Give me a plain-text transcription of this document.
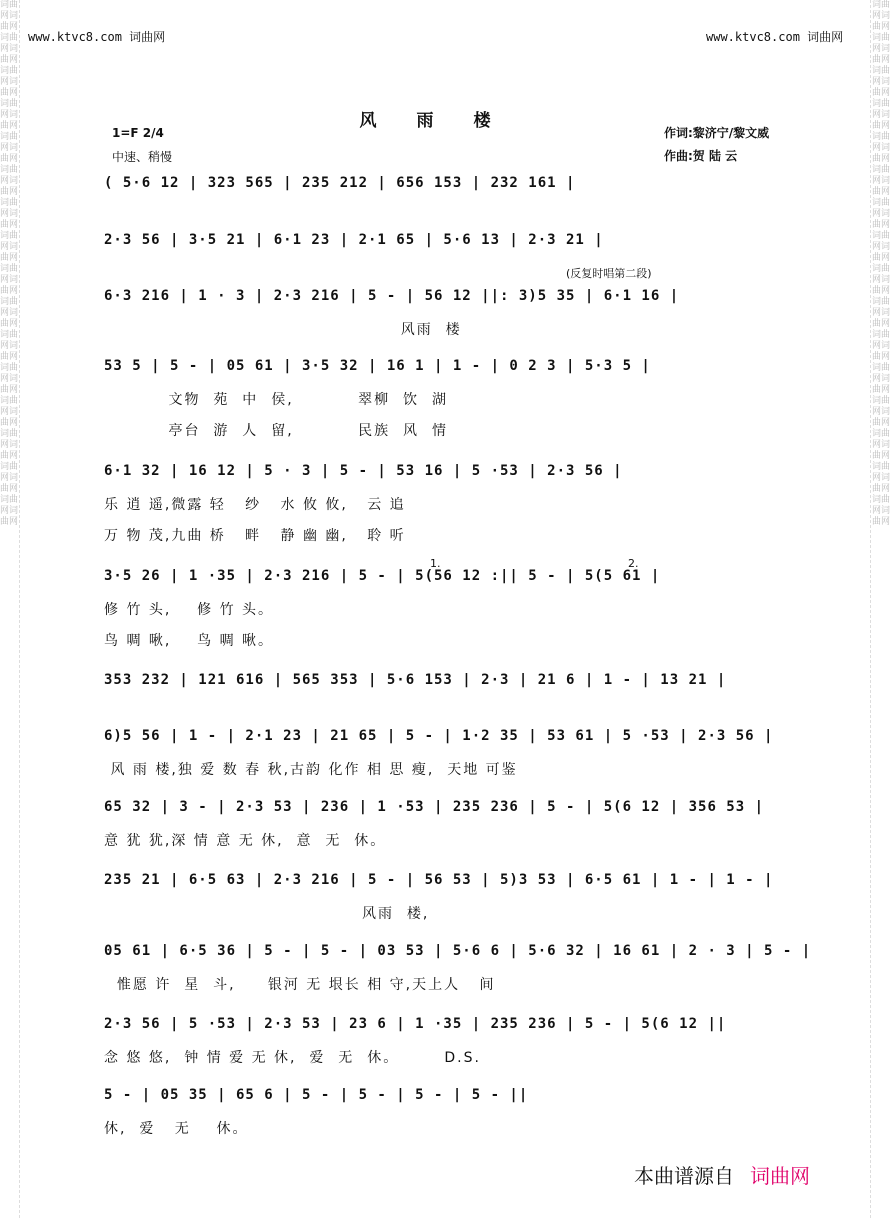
词曲网词曲网词曲网词曲网词曲网词曲网词曲网词曲网词曲网词曲网词曲网词曲网词曲网词曲网词曲网词曲网词曲网词曲网词曲网词曲网词曲网词曲网词曲网词曲网词曲网词曲网词曲网词曲网词曲网词曲网词曲网词曲网
词曲网词曲网词曲网词曲网词曲网词曲网词曲网词曲网词曲网词曲网词曲网词曲网词曲网词曲网词曲网词曲网词曲网词曲网词曲网词曲网词曲网词曲网词曲网词曲网词曲网词曲网词曲网词曲网词曲网词曲网词曲网词曲网
www.ktvc8.com 词曲网	www.ktvc8.com 词曲网
风雨楼
1=F 2/4
中速、稍慢
作词:黎济宁/黎文威
作曲:贺 陆 云
(反复时唱第二段)
1.	2.
( 5·6 12 | 323 565 | 235 212 | 656 153 | 232 161 |
2·3 56 | 3·5 21 | 6·1 23 | 2·1 65 | 5·6 13 | 2·3 21 |
6·3 216 | 1 · 3 | 2·3 216 | 5 - | 56 12 ||: 3)5 35 | 6·1 16 |
风雨  楼
53 5 | 5 - | 05 61 | 3·5 32 | 16 1 | 1 - | 0 2 3 | 5·3 5 |
文物  苑  中  侯,          翠柳  饮  湖
亭台  游  人  留,          民族  风  情
6·1 32 | 16 12 | 5 · 3 | 5 - | 53 16 | 5 ·53 | 2·3 56 |
乐 逍 遥,微露 轻   纱   水 攸 攸,   云 追
万 物 茂,九曲 桥   畔   静 幽 幽,   聆 听
3·5 26 | 1 ·35 | 2·3 216 | 5 - | 5(56 12 :|| 5 - | 5(5 61 |
修 竹 头,    修 竹 头。
鸟 啁 啾,    鸟 啁 啾。
353 232 | 121 616 | 565 353 | 5·6 153 | 2·3 | 21 6 | 1 - | 13 21 |
6)5 56 | 1 - | 2·1 23 | 21 65 | 5 - | 1·2 35 | 53 61 | 5 ·53 | 2·3 56 |
风 雨 楼,独 爱 数 春 秋,古韵 化作 相 思 瘦,  天地 可鉴
65 32 | 3 - | 2·3 53 | 236 | 1 ·53 | 235 236 | 5 - | 5(6 12 | 356 53 |
意 犹 犹,深 情 意 无 休,  意  无  休。
235 21 | 6·5 63 | 2·3 216 | 5 - | 56 53 | 5)3 53 | 6·5 61 | 1 - | 1 - |
风雨  楼,
05 61 | 6·5 36 | 5 - | 5 - | 03 53 | 5·6 6 | 5·6 32 | 16 61 | 2 · 3 | 5 - |
惟愿 许  星  斗,     银河 无 垠长 相 守,天上人   间
2·3 56 | 5 ·53 | 2·3 53 | 23 6 | 1 ·35 | 235 236 | 5 - | 5(6 12 ||
念 悠 悠,  钟 情 爱 无 休,  爱  无  休。       D.S.
5 - | 05 35 | 65 6 | 5 - | 5 - | 5 - | 5 - ||
休,  爱   无    休。
本曲谱源自 词曲网
